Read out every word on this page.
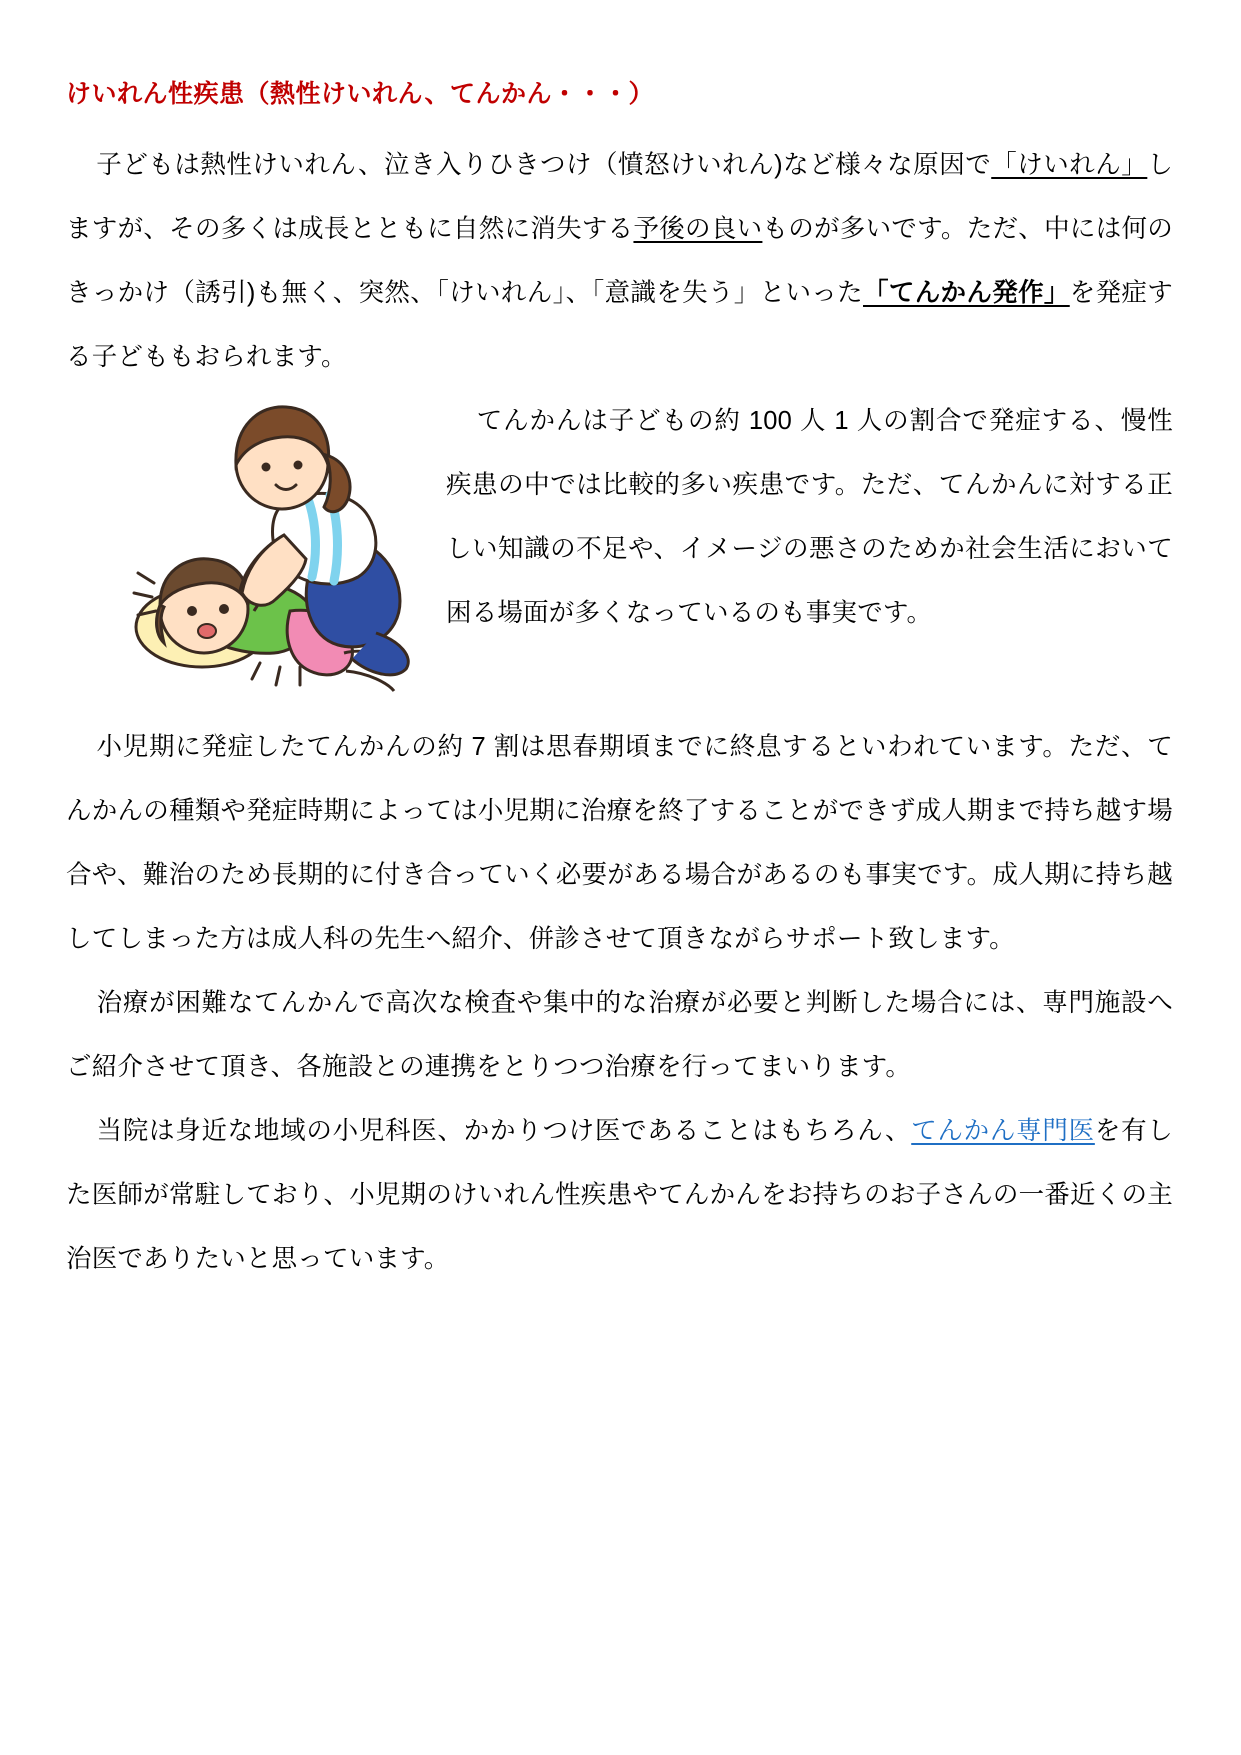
けいれん性疾患（熱性けいれん、てんかん・・・）

子どもは熱性けいれん、泣き入りひきつけ（憤怒けいれん)など様々な原因で「けいれん」しますが、その多くは成長とともに自然に消失する予後の良いものが多いです。ただ、中には何のきっかけ（誘引)も無く、突然、「けいれん」、「意識を失う」といった「てんかん発作」を発症する子どももおられます。

てんかんは子どもの約 100 人 1 人の割合で発症する、慢性疾患の中では比較的多い疾患です。ただ、てんかんに対する正しい知識の不足や、イメージの悪さのためか社会生活において困る場面が多くなっているのも事実です。

小児期に発症したてんかんの約 7 割は思春期頃までに終息するといわれています。ただ、てんかんの種類や発症時期によっては小児期に治療を終了することができず成人期まで持ち越す場合や、難治のため長期的に付き合っていく必要がある場合があるのも事実です。成人期に持ち越してしまった方は成人科の先生へ紹介、併診させて頂きながらサポート致します。

治療が困難なてんかんで高次な検査や集中的な治療が必要と判断した場合には、専門施設へご紹介させて頂き、各施設との連携をとりつつ治療を行ってまいります。

当院は身近な地域の小児科医、かかりつけ医であることはもちろん、てんかん専門医を有した医師が常駐しており、小児期のけいれん性疾患やてんかんをお持ちのお子さんの一番近くの主治医でありたいと思っています。
